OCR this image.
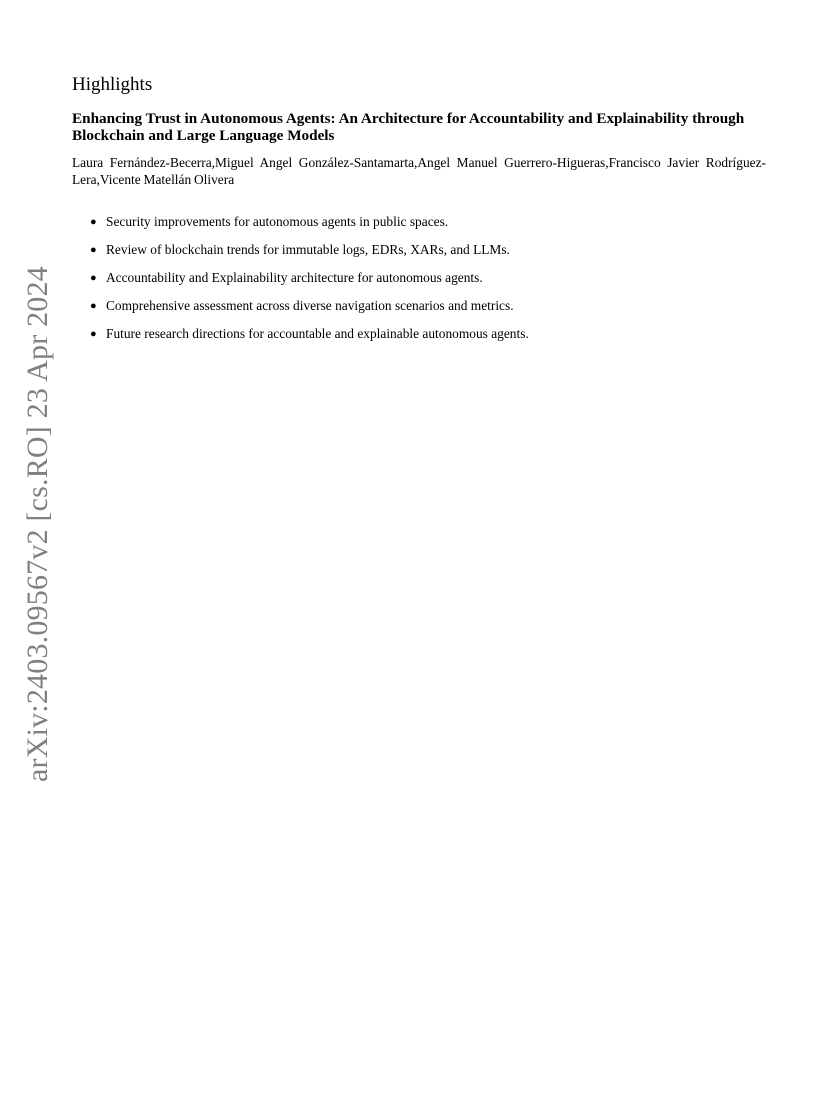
arXiv:2403.09567v2 [cs.RO] 23 Apr 2024
Highlights
Enhancing Trust in Autonomous Agents: An Architecture for Accountability and Explainability through Blockchain and Large Language Models

Laura Fernández-Becerra,Miguel Angel González-Santamarta,Angel Manuel Guerrero-Higueras,Francisco Javier Rodríguez-Lera,Vicente Matellán Olivera

● Security improvements for autonomous agents in public spaces.
● Review of blockchain trends for immutable logs, EDRs, XARs, and LLMs.
● Accountability and Explainability architecture for autonomous agents.
● Comprehensive assessment across diverse navigation scenarios and metrics.
● Future research directions for accountable and explainable autonomous agents.
